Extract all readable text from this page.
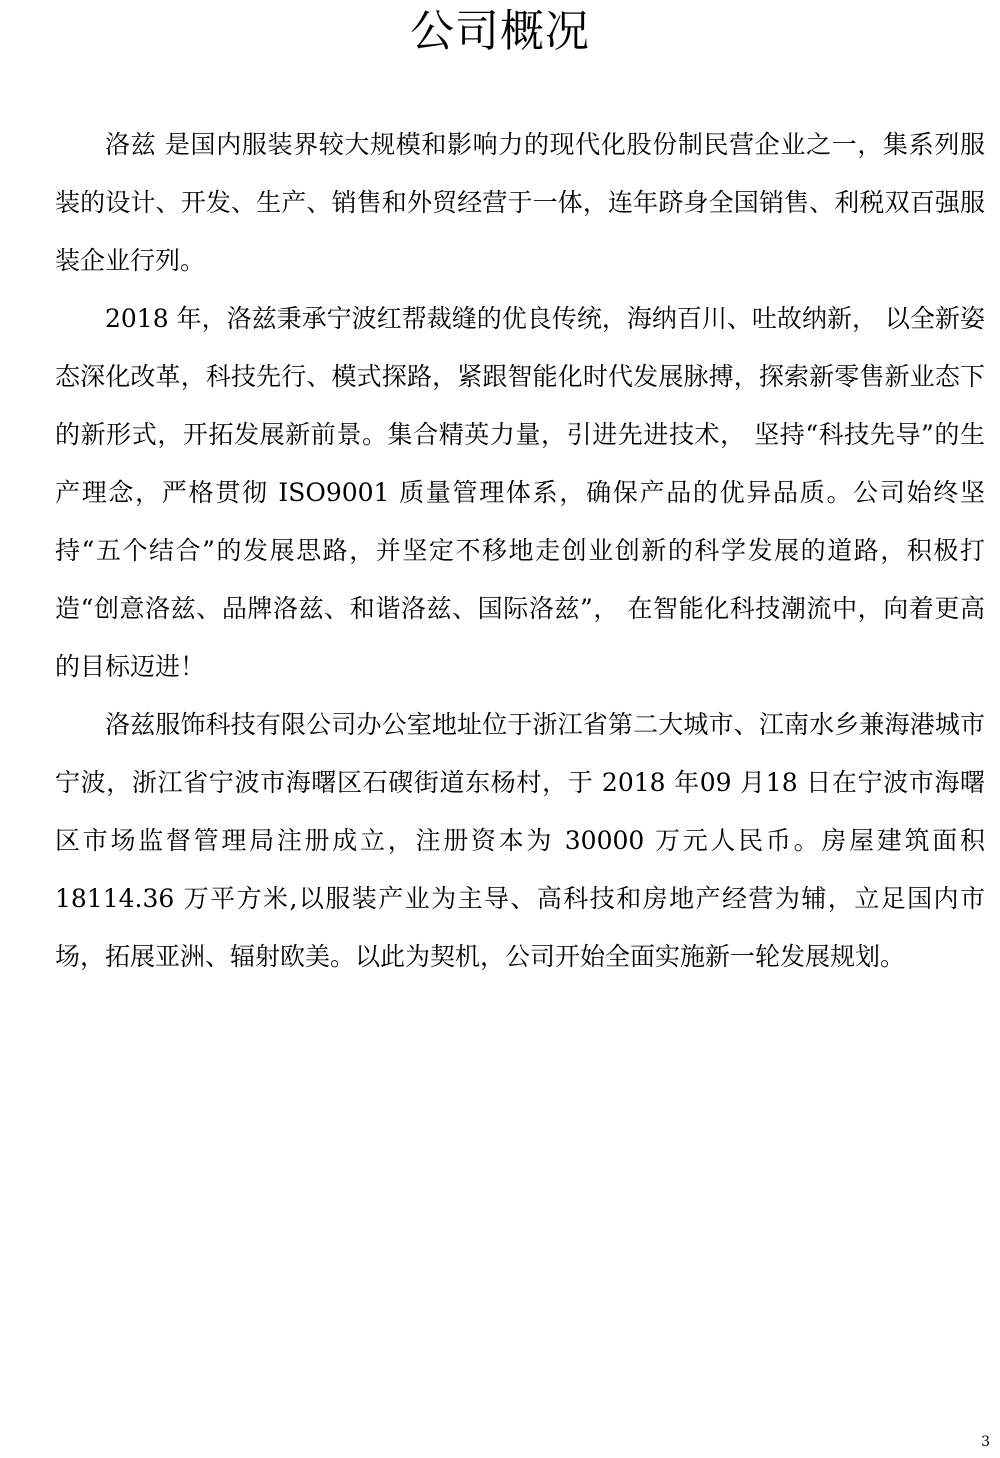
公司概况

洛兹 是国内服装界较大规模和影响力的现代化股份制民营企业之一，集系列服装的设计、开发、生产、销售和外贸经营于一体，连年跻身全国销售、利税双百强服装企业行列。

2018 年，洛兹秉承宁波红帮裁缝的优良传统，海纳百川、吐故纳新， 以全新姿态深化改革，科技先行、模式探路，紧跟智能化时代发展脉搏，探索新零售新业态下的新形式，开拓发展新前景。集合精英力量，引进先进技术， 坚持“科技先导”的生产理念，严格贯彻 ISO9001 质量管理体系，确保产品的优异品质。公司始终坚持“五个结合”的发展思路，并坚定不移地走创业创新的科学发展的道路，积极打造“创意洛兹、品牌洛兹、和谐洛兹、国际洛兹”， 在智能化科技潮流中，向着更高的目标迈进！

洛兹服饰科技有限公司办公室地址位于浙江省第二大城市、江南水乡兼海港城市宁波，浙江省宁波市海曙区石碶街道东杨村，于 2018 年09 月18 日在宁波市海曙区市场监督管理局注册成立，注册资本为 30000 万元人民币。房屋建筑面积 18114.36 万平方米,以服装产业为主导、高科技和房地产经营为辅，立足国内市场，拓展亚洲、辐射欧美。以此为契机，公司开始全面实施新一轮发展规划。

3
